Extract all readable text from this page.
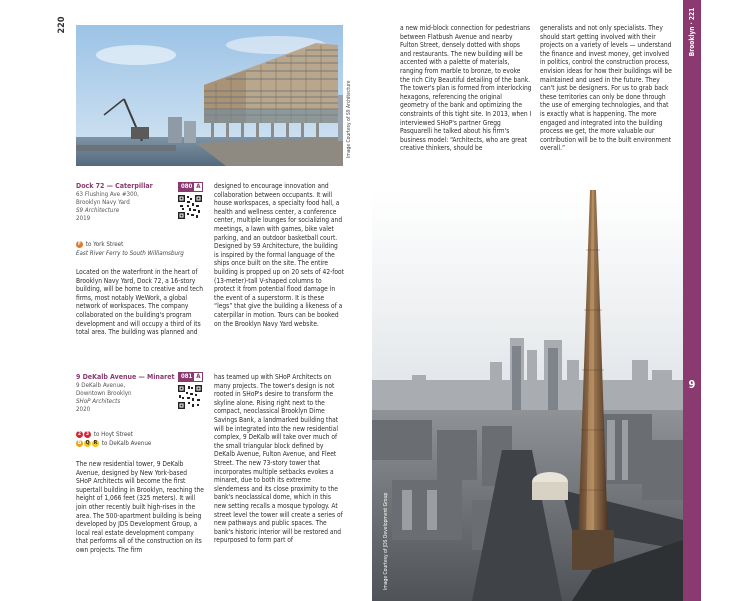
220
Image Courtesy of S9 Architecture
Dock 72 — Caterpillar
63 Flushing Ave #300,
Brooklyn Navy Yard
S9 Architecture
2019
080 A
F to York Street
East River Ferry to South Williamsburg

Located on the waterfront in the heart of Brooklyn Navy Yard, Dock 72, a 16-story building, will be home to creative and tech firms, most notably WeWork, a global network of workspaces. The company collaborated on the building's program development and will occupy a third of its total area. The building was planned and

designed to encourage innovation and collaboration between occupants. It will house workspaces, a specialty food hall, a health and wellness center, a conference center, multiple lounges for socializing and meetings, a lawn with games, bike valet parking, and an outdoor basketball court. Designed by S9 Architecture, the building is inspired by the formal language of the ships once built on the site. The entire building is propped up on 20 sets of 42-foot (13-meter)-tall V-shaped columns to protect it from potential flood damage in the event of a superstorm. It is these “legs” that give the building a likeness of a caterpillar in motion. Tours can be booked on the Brooklyn Navy Yard website.

9 DeKalb Avenue — Minaret
9 DeKalb Avenue,
Downtown Brooklyn
SHoP Architects
2020
081 A
2 3 to Hoyt Street
B Q R to DeKalb Avenue

The new residential tower, 9 DeKalb Avenue, designed by New York-based SHoP Architects will become the first supertall building in Brooklyn, reaching the height of 1,066 feet (325 meters). It will join other recently built high-rises in the area. The 500-apartment building is being developed by JDS Development Group, a local real estate development company that performs all of the construction on its own projects. The firm

has teamed up with SHoP Architects on many projects. The tower's design is not rooted in SHoP's desire to transform the skyline alone. Rising right next to the compact, neoclassical Brooklyn Dime Savings Bank, a landmarked building that will be integrated into the new residential complex, 9 DeKalb will take over much of the small triangular block defined by DeKalb Avenue, Fulton Avenue, and Fleet Street. The new 73-story tower that incorporates multiple setbacks evokes a minaret, due to both its extreme slenderness and its close proximity to the bank's neoclassical dome, which in this new setting recalls a mosque typology. At street level the tower will create a series of new pathways and public spaces. The bank's historic interior will be restored and repurposed to form part of

a new mid-block connection for pedestrians between Flatbush Avenue and nearby Fulton Street, densely dotted with shops and restaurants. The new building will be accented with a palette of materials, ranging from marble to bronze, to evoke the rich City Beautiful detailing of the bank. The tower's plan is formed from interlocking hexagons, referencing the original geometry of the bank and optimizing the constraints of this tight site. In 2013, when I interviewed SHoP's partner Gregg Pasquarelli he talked about his firm's business model: “Architects, who are great creative thinkers, should be

generalists and not only specialists. They should start getting involved with their projects on a variety of levels — understand the finance and invest money, get involved in politics, control the construction process, envision ideas for how their buildings will be maintained and used in the future. They can't just be designers. For us to grab back these territories can only be done through the use of emerging technologies, and that is exactly what is happening. The more engaged and integrated into the building process we get, the more valuable our contribution will be to the built environment overall.”

Image Courtesy of JDS Development Group
Brooklyn · 221
9
